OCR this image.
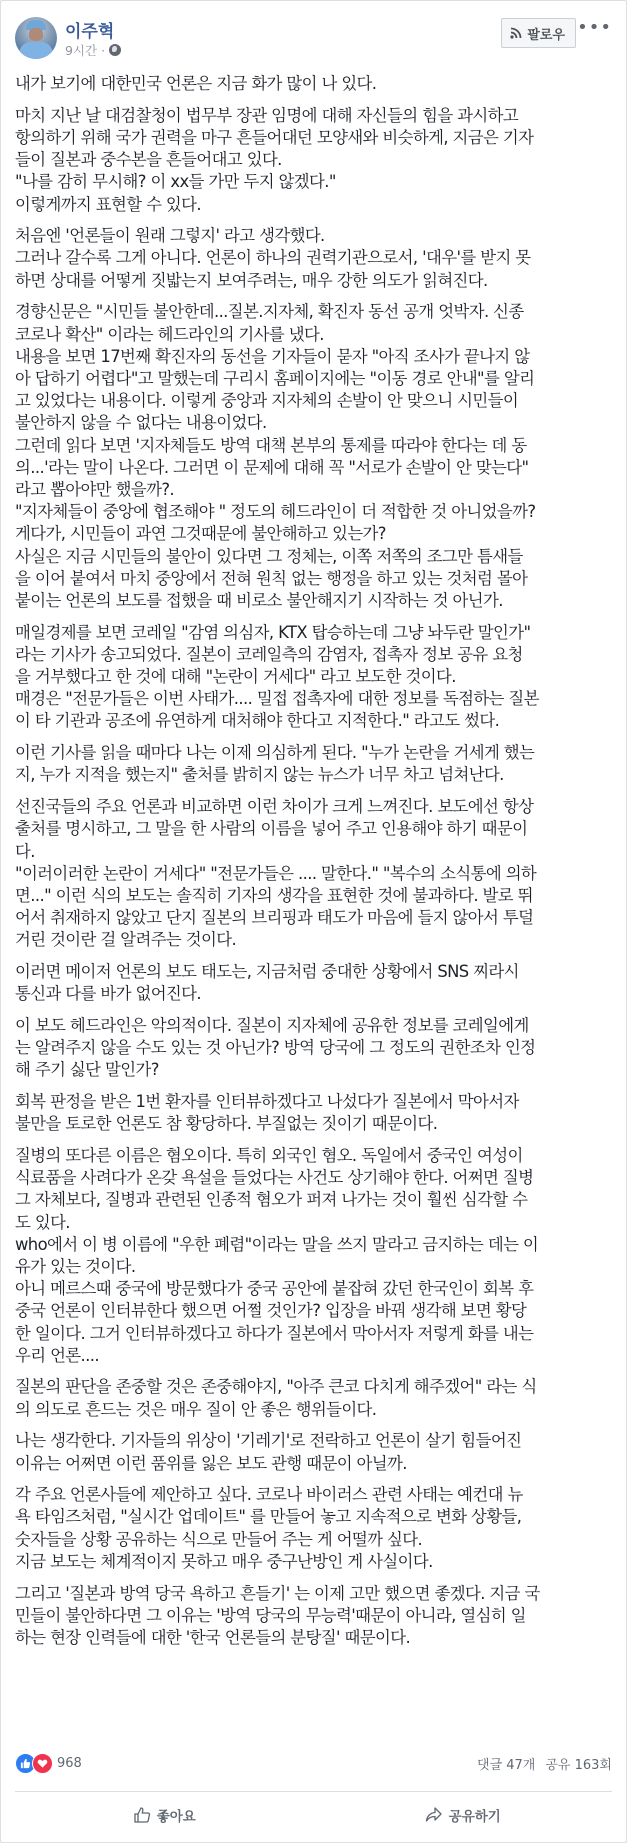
이주혁
9시간 ·
팔로우 •••
내가 보기에 대한민국 언론은 지금 화가 많이 나 있다.
마치 지난 날 대검찰청이 법무부 장관 임명에 대해 자신들의 힘을 과시하고
항의하기 위해 국가 권력을 마구 흔들어대던 모양새와 비슷하게, 지금은 기자
들이 질본과 중수본을 흔들어대고 있다.
"나를 감히 무시해? 이 xx들 가만 두지 않겠다."
이렇게까지 표현할 수 있다.
처음엔 '언론들이 원래 그렇지' 라고 생각했다.
그러나 갈수록 그게 아니다. 언론이 하나의 권력기관으로서, '대우'를 받지 못
하면 상대를 어떻게 짓밟는지 보여주려는, 매우 강한 의도가 읽혀진다.
경향신문은 "시민들 불안한데...질본.지자체, 확진자 동선 공개 엇박자. 신종
코로나 확산" 이라는 헤드라인의 기사를 냈다.
내용을 보면 17번째 확진자의 동선을 기자들이 묻자 "아직 조사가 끝나지 않
아 답하기 어렵다"고 말했는데 구리시 홈페이지에는 "이동 경로 안내"를 알리
고 있었다는 내용이다. 이렇게 중앙과 지자체의 손발이 안 맞으니 시민들이
불안하지 않을 수 없다는 내용이었다.
그런데 읽다 보면 '지자체들도 방역 대책 본부의 통제를 따라야 한다는 데 동
의...'라는 말이 나온다. 그러면 이 문제에 대해 꼭 "서로가 손발이 안 맞는다"
라고 뽑아야만 했을까?.
"지자체들이 중앙에 협조해야 " 정도의 헤드라인이 더 적합한 것 아니었을까?
게다가, 시민들이 과연 그것때문에 불안해하고 있는가?
사실은 지금 시민들의 불안이 있다면 그 정체는, 이쪽 저쪽의 조그만 틈새들
을 이어 붙여서 마치 중앙에서 전혀 원칙 없는 행정을 하고 있는 것처럼 몰아
붙이는 언론의 보도를 접했을 때 비로소 불안해지기 시작하는 것 아닌가.
매일경제를 보면 코레일 "감염 의심자, KTX 탑승하는데 그냥 놔두란 말인가"
라는 기사가 송고되었다. 질본이 코레일측의 감염자, 접촉자 정보 공유 요청
을 거부했다고 한 것에 대해 "논란이 거세다" 라고 보도한 것이다.
매경은 "전문가들은 이번 사태가.... 밀접 접촉자에 대한 정보를 독점하는 질본
이 타 기관과 공조에 유연하게 대처해야 한다고 지적한다." 라고도 썼다.
이런 기사를 읽을 때마다 나는 이제 의심하게 된다. "누가 논란을 거세게 했는
지, 누가 지적을 했는지" 출처를 밝히지 않는 뉴스가 너무 차고 넘쳐난다.
선진국들의 주요 언론과 비교하면 이런 차이가 크게 느껴진다. 보도에선 항상
출처를 명시하고, 그 말을 한 사람의 이름을 넣어 주고 인용해야 하기 때문이
다.
"이러이러한 논란이 거세다" "전문가들은 .... 말한다." "복수의 소식통에 의하
면..." 이런 식의 보도는 솔직히 기자의 생각을 표현한 것에 불과하다. 발로 뛰
어서 취재하지 않았고 단지 질본의 브리핑과 태도가 마음에 들지 않아서 투덜
거린 것이란 걸 알려주는 것이다.
이러면 메이저 언론의 보도 태도는, 지금처럼 중대한 상황에서 SNS 찌라시
통신과 다를 바가 없어진다.
이 보도 헤드라인은 악의적이다. 질본이 지자체에 공유한 정보를 코레일에게
는 알려주지 않을 수도 있는 것 아닌가? 방역 당국에 그 정도의 권한조차 인정
해 주기 싫단 말인가?
회복 판정을 받은 1번 환자를 인터뷰하겠다고 나섰다가 질본에서 막아서자
불만을 토로한 언론도 참 황당하다. 부질없는 짓이기 때문이다.
질병의 또다른 이름은 혐오이다. 특히 외국인 혐오. 독일에서 중국인 여성이
식료품을 사려다가 온갖 욕설을 들었다는 사건도 상기해야 한다. 어쩌면 질병
그 자체보다, 질병과 관련된 인종적 혐오가 퍼져 나가는 것이 훨씬 심각할 수
도 있다.
who에서 이 병 이름에 "우한 폐렴"이라는 말을 쓰지 말라고 금지하는 데는 이
유가 있는 것이다.
아니 메르스때 중국에 방문했다가 중국 공안에 붙잡혀 갔던 한국인이 회복 후
중국 언론이 인터뷰한다 했으면 어쩔 것인가? 입장을 바꿔 생각해 보면 황당
한 일이다. 그거 인터뷰하겠다고 하다가 질본에서 막아서자 저렇게 화를 내는
우리 언론....
질본의 판단을 존중할 것은 존중해야지, "아주 큰코 다치게 해주겠어" 라는 식
의 의도로 흔드는 것은 매우 질이 안 좋은 행위들이다.
나는 생각한다. 기자들의 위상이 '기레기'로 전락하고 언론이 살기 힘들어진
이유는 어쩌면 이런 품위를 잃은 보도 관행 때문이 아닐까.
각 주요 언론사들에 제안하고 싶다. 코로나 바이러스 관련 사태는 예컨대 뉴
욕 타임즈처럼, "실시간 업데이트" 를 만들어 놓고 지속적으로 변화 상황들,
숫자들을 상황 공유하는 식으로 만들어 주는 게 어떨까 싶다.
지금 보도는 체계적이지 못하고 매우 중구난방인 게 사실이다.
그리고 '질본과 방역 당국 욕하고 흔들기' 는 이제 고만 했으면 좋겠다. 지금 국
민들이 불안하다면 그 이유는 '방역 당국의 무능력'때문이 아니라, 열심히 일
하는 현장 인력들에 대한 '한국 언론들의 분탕질' 때문이다.
968	댓글 47개 공유 163회
좋아요	공유하기
